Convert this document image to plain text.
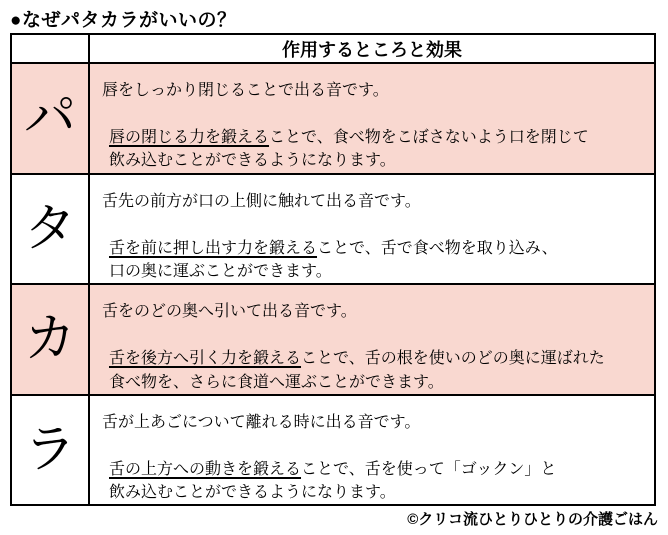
●なぜパタカラがいいの？
	作用するところと効果
パ	唇をしっかり閉じることで出る音です。
唇の閉じる力を鍛えることで、食べ物をこぼさないよう口を閉じて
飲み込むことができるようになります。

タ	舌先の前方が口の上側に触れて出る音です。
舌を前に押し出す力を鍛えることで、舌で食べ物を取り込み、
口の奥に運ぶことができます。

カ	舌をのどの奥へ引いて出る音です。
舌を後方へ引く力を鍛えることで、舌の根を使いのどの奥に運ばれた
食べ物を、さらに食道へ運ぶことができます。

ラ	舌が上あごについて離れる時に出る音です。
舌の上方への動きを鍛えることで、舌を使って「ゴックン」と
飲み込むことができるようになります。
©クリコ流ひとりひとりの介護ごはん
